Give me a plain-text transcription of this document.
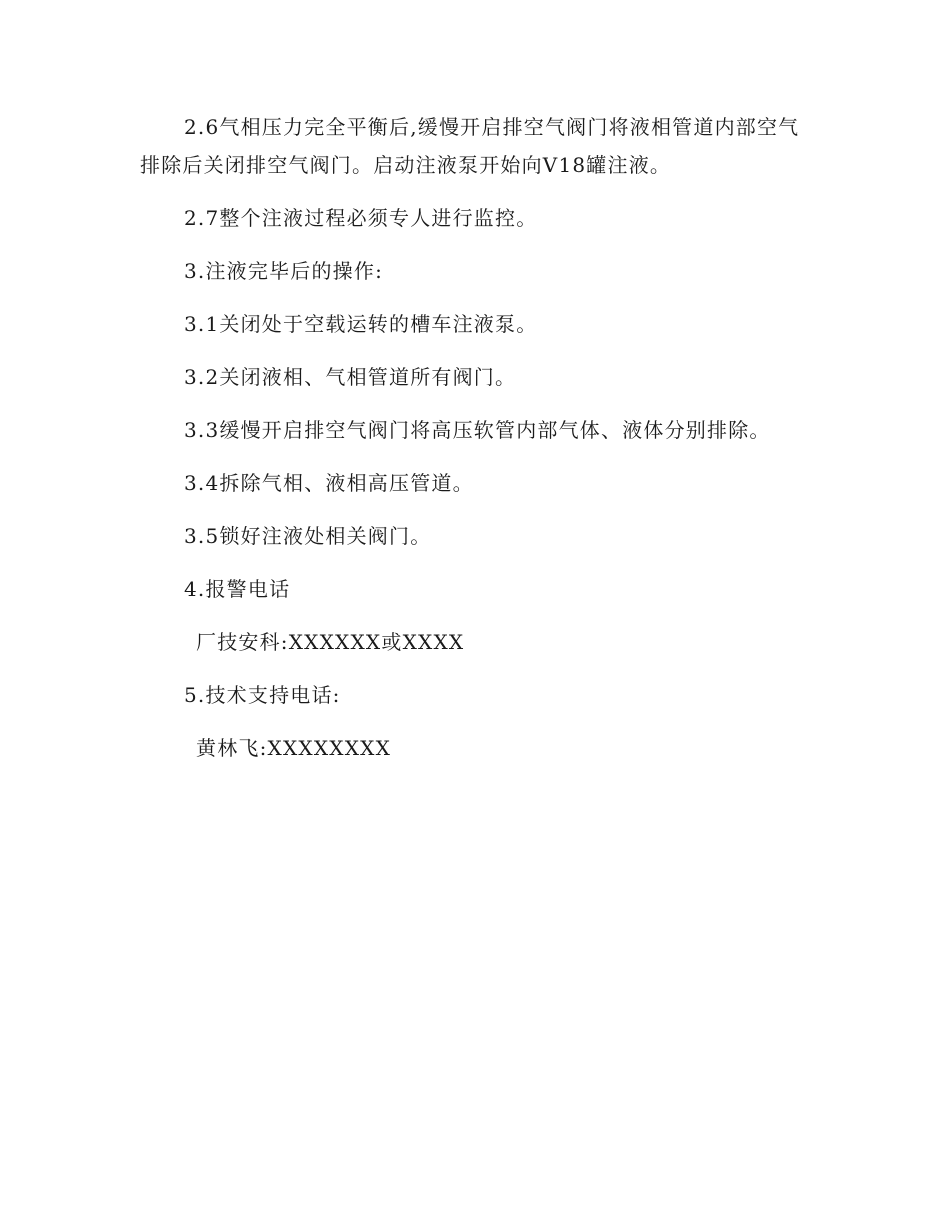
2.6气相压力完全平衡后,缓慢开启排空气阀门将液相管道内部空气排除后关闭排空气阀门。启动注液泵开始向V18罐注液。

2.7整个注液过程必须专人进行监控。

3.注液完毕后的操作:

3.1关闭处于空载运转的槽车注液泵。

3.2关闭液相、气相管道所有阀门。

3.3缓慢开启排空气阀门将高压软管内部气体、液体分别排除。

3.4拆除气相、液相高压管道。

3.5锁好注液处相关阀门。

4.报警电话

厂技安科:XXXXXX或XXXX

5.技术支持电话:

黄林飞:XXXXXXXX
